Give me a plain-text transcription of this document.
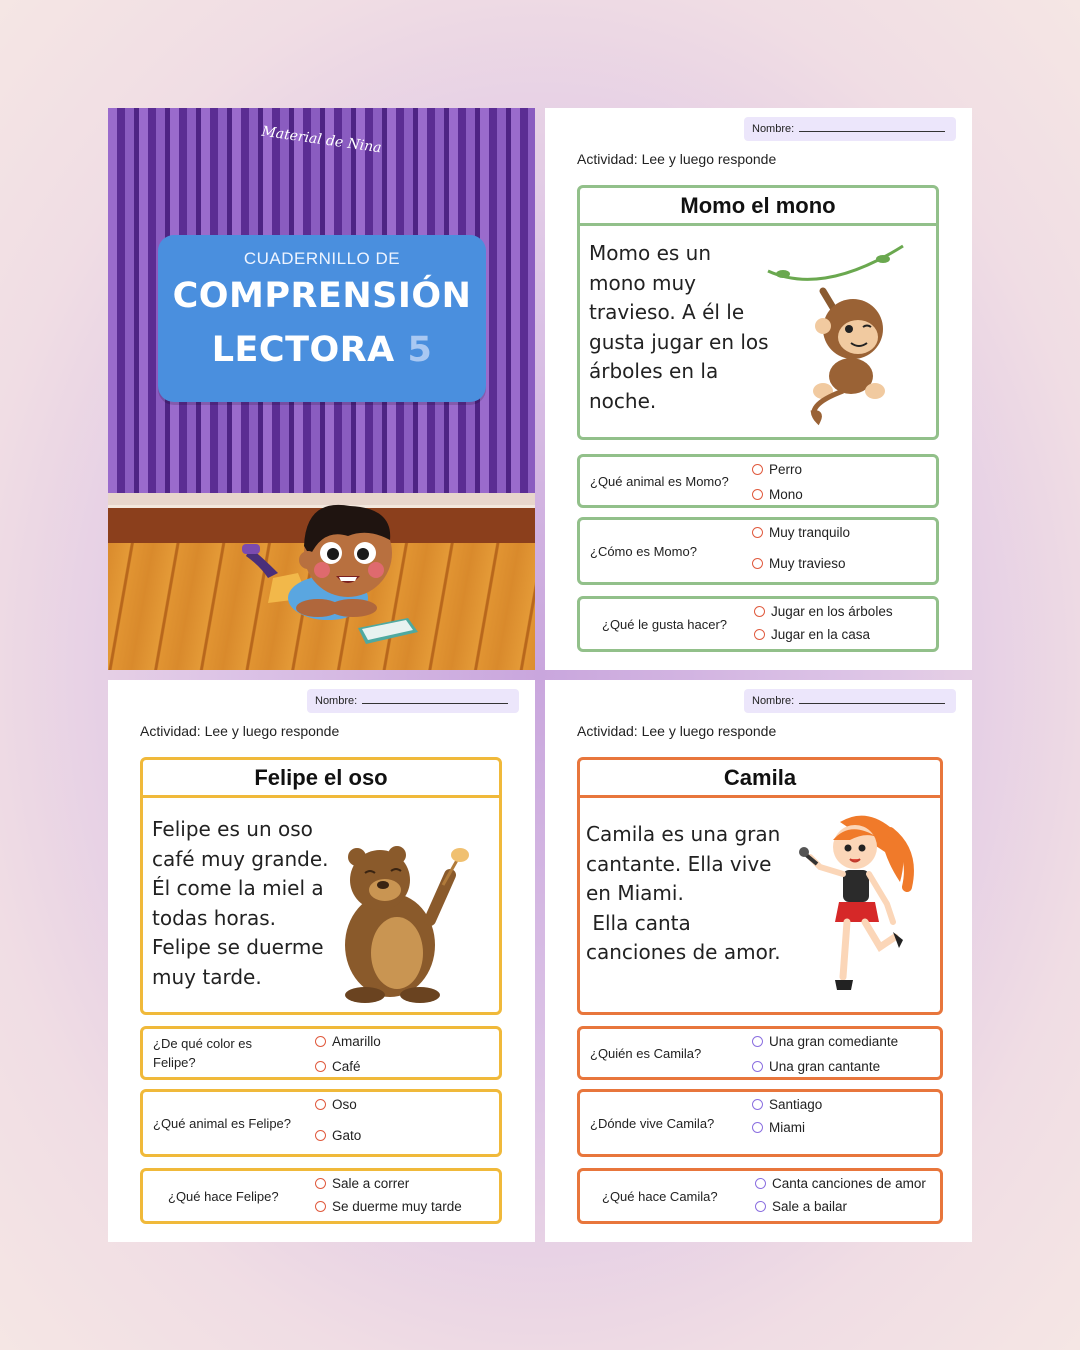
Material de Nina
CUADERNILLO DE
COMPRENSIÓN
LECTORA 5
Nombre:
Actividad: Lee y luego responde
Momo el mono
Momo es un
mono muy
travieso. A él le
gusta jugar en los
árboles en la
noche.
¿Qué animal es Momo?
Perro
Mono
¿Cómo es Momo?
Muy tranquilo
Muy travieso
¿Qué le gusta hacer?
Jugar en los árboles
Jugar en la casa
Nombre:
Actividad: Lee y luego responde
Felipe el oso
Felipe es un oso
café muy grande.
Él come la miel a
todas horas.
Felipe se duerme
muy tarde.
¿De qué color es Felipe?
Amarillo
Café
¿Qué animal es Felipe?
Oso
Gato
¿Qué hace Felipe?
Sale a correr
Se duerme muy tarde
Nombre:
Actividad: Lee y luego responde
Camila
Camila es una gran
cantante. Ella vive
en Miami.
Ella canta
canciones de amor.
¿Quién es Camila?
Una gran comediante
Una gran cantante
¿Dónde vive Camila?
Santiago
Miami
¿Qué hace Camila?
Canta canciones de amor
Sale a bailar
